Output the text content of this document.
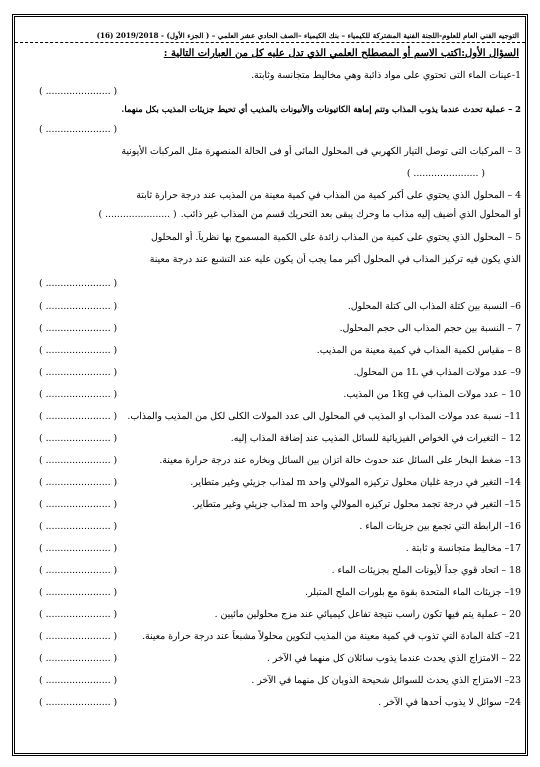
التوجيه الفني العام للعلوم-اللجنة الفنية المشتركة للكيمياء – بنك الكيمياء –الصف الحادي عشر العلمي – ( الجزء الأول) - 2019/2018 (16)
السؤال الأول:اكتب الاسم أو المصطلح العلمي الذي تدل عليه كل من العبارات التالية :
1-عينات الماء التى تحتوي على مواد ذائبة وهي مخاليط متجانسة وثابتة.
( ...................... )
2 – عملية تحدث عندما يذوب المذاب وتتم إماهة الكاتيونات والأنيونات بالمذيب أي تحيط جزيئات المذيب بكل منهما.
( ...................... )
3 – المركبات التى توصل التيار الكهربي فى المحلول المائى أو فى الحالة المنصهرة مثل المركبات الأيونية
( ...................... )
4 – المحلول الذي يحتوي على أكبر كمية من المذاب في كمية معينة من المذيب عند درجة حرارة ثابتة
أو المحلول الذي أضيف إليه مذاب ما وحرك يبقى بعد التحريك قسم من المذاب غير ذائب.( ...................... )
5 – المحلول الذي يحتوي على كمية من المذاب زائدة على الكمية المسموح بها نظرياً. أو المحلول
الذي يكون فيه تركيز المذاب في المحلول أكبر مما يجب أن يكون عليه عند التشبع عند درجة معينة
( ...................... )
6– النسبة بين كتلة المذاب الى كتلة المحلول.
( ...................... )
7 – النسبة بين حجم المذاب الى حجم المحلول.
( ...................... )
8 – مقياس لكمية المذاب في كمية معينة من المذيب.
( ...................... )
9– عدد مولات المذاب في 1L من المحلول.
( ...................... )
10 – عدد مولات المذاب في 1kg من المذيب.
( ...................... )
11– نسبة عدد مولات المذاب او المذيب في المحلول الى عدد المولات الكلى لكل من المذيب والمذاب.
( ...................... )
12 – التغيرات في الخواص الفيزيائية للسائل المذيب عند إضافة المذاب إليه.
( ...................... )
13– ضغط البخار على السائل عند حدوث حالة اتزان بين السائل وبخاره عند درجة حرارة معينة.
( ...................... )
14– التغير في درجة غليان محلول تركيزه المولالي واحد m لمذاب جزيئي وغير متطاير.
( ...................... )
15– التغير في درجة تجمد محلول تركيزه المولالي واحد m لمذاب جزيئي وغير متطاير.
( ...................... )
16– الرابطة التي تجمع بين جزيئات الماء .
( ...................... )
17– مخاليط متجانسة و ثابتة .
( ...................... )
18 – اتحاد قوي جداً لأيونات الملح بجزيئات الماء .
( ...................... )
19– جزيئات الماء المتحدة بقوة مع بلورات الملح المتبلر.
( ...................... )
20 – عملية يتم فيها تكون راسب نتيجة تفاعل كيميائي عند مزج محلولين مائيين .
( ...................... )
21– كتلة المادة التي تذوب في كمية معينة من المذيب لتكوين محلولاً مشبعاً عند درجة حرارة معينة.
( ...................... )
22 – الامتزاج الذي يحدث عندما يذوب سائلان كل منهما في الآخر .
( ...................... )
23– الامتزاج الذي يحدث للسوائل شحيحة الذوبان كل منهما في الآخر .
( ...................... )
24– سوائل لا يذوب أحدها في الآخر .
( ...................... )
